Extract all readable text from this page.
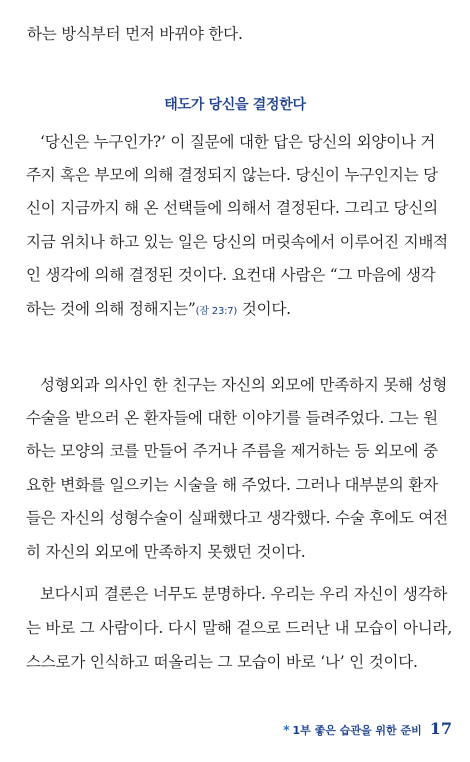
하는 방식부터 먼저 바뀌야 한다.
태도가 당신을 결정한다
‘당신은 누구인가?’ 이 질문에 대한 답은 당신의 외양이나 거
주지 혹은 부모에 의해 결정되지 않는다. 당신이 누구인지는 당
신이 지금까지 해 온 선택들에 의해서 결정된다. 그리고 당신의
지금 위치나 하고 있는 일은 당신의 머릿속에서 이루어진 지배적
인 생각에 의해 결정된 것이다. 요컨대 사람은 “그 마음에 생각
하는 것에 의해 정해지는”(잠 23:7) 것이다.
성형외과 의사인 한 친구는 자신의 외모에 만족하지 못해 성형
수술을 받으러 온 환자들에 대한 이야기를 들려주었다. 그는 원
하는 모양의 코를 만들어 주거나 주름을 제거하는 등 외모에 중
요한 변화를 일으키는 시술을 해 주었다. 그러나 대부분의 환자
들은 자신의 성형수술이 실패했다고 생각했다. 수술 후에도 여전
히 자신의 외모에 만족하지 못했던 것이다.
보다시피 결론은 너무도 분명하다. 우리는 우리 자신이 생각하
는 바로 그 사람이다. 다시 말해 겉으로 드러난 내 모습이 아니라,
스스로가 인식하고 떠올리는 그 모습이 바로 ‘나’ 인 것이다.
* 1부 좋은 습관을 위한 준비 17
